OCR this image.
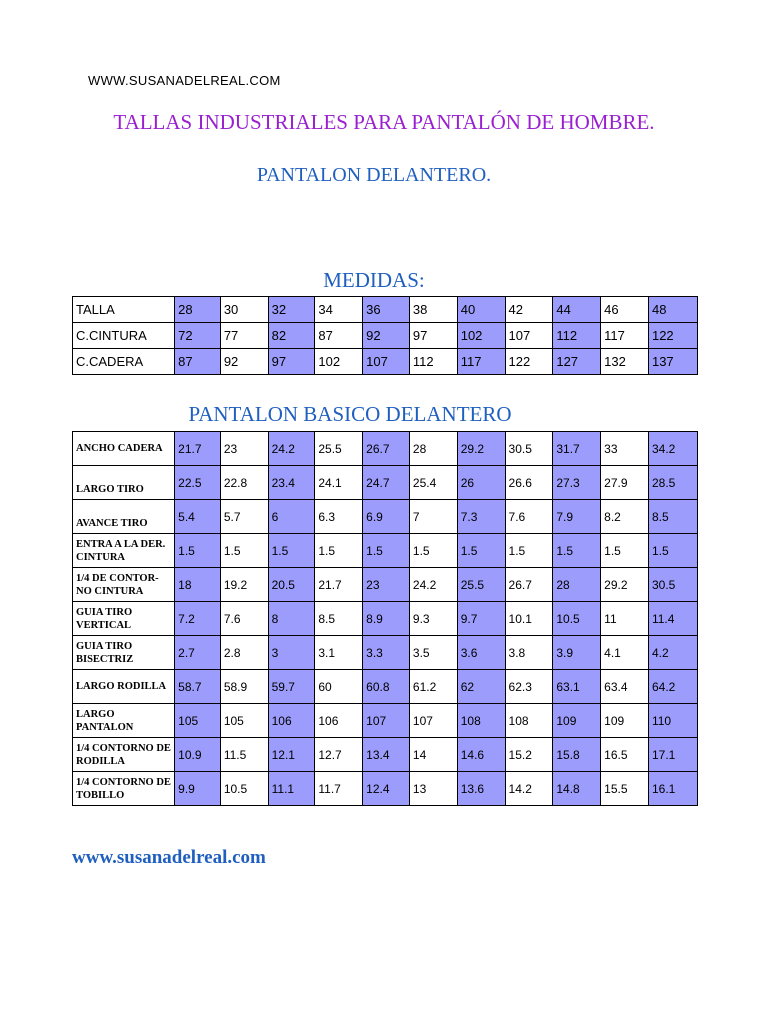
WWW.SUSANADELREAL.COM
TALLAS INDUSTRIALES PARA PANTALÓN DE HOMBRE.
PANTALON DELANTERO.
MEDIDAS:
TALLA	28	30	32	34	36	38	40	42	44	46	48
C.CINTURA	72	77	82	87	92	97	102	107	112	117	122
C.CADERA	87	92	97	102	107	112	117	122	127	132	137
PANTALON BASICO DELANTERO
ANCHO CADERA	21.7	23	24.2	25.5	26.7	28	29.2	30.5	31.7	33	34.2
LARGO TIRO	22.5	22.8	23.4	24.1	24.7	25.4	26	26.6	27.3	27.9	28.5
AVANCE TIRO	5.4	5.7	6	6.3	6.9	7	7.3	7.6	7.9	8.2	8.5
ENTRA A LA DER. CINTURA	1.5	1.5	1.5	1.5	1.5	1.5	1.5	1.5	1.5	1.5	1.5
1/4 DE CONTOR-NO CINTURA	18	19.2	20.5	21.7	23	24.2	25.5	26.7	28	29.2	30.5
GUIA TIRO VERTICAL	7.2	7.6	8	8.5	8.9	9.3	9.7	10.1	10.5	11	11.4
GUIA TIRO BISECTRIZ	2.7	2.8	3	3.1	3.3	3.5	3.6	3.8	3.9	4.1	4.2
LARGO RODILLA	58.7	58.9	59.7	60	60.8	61.2	62	62.3	63.1	63.4	64.2
LARGO PANTALON	105	105	106	106	107	107	108	108	109	109	110
1/4 CONTORNO DE RODILLA	10.9	11.5	12.1	12.7	13.4	14	14.6	15.2	15.8	16.5	17.1
1/4 CONTORNO DE TOBILLO	9.9	10.5	11.1	11.7	12.4	13	13.6	14.2	14.8	15.5	16.1
www.susanadelreal.com
